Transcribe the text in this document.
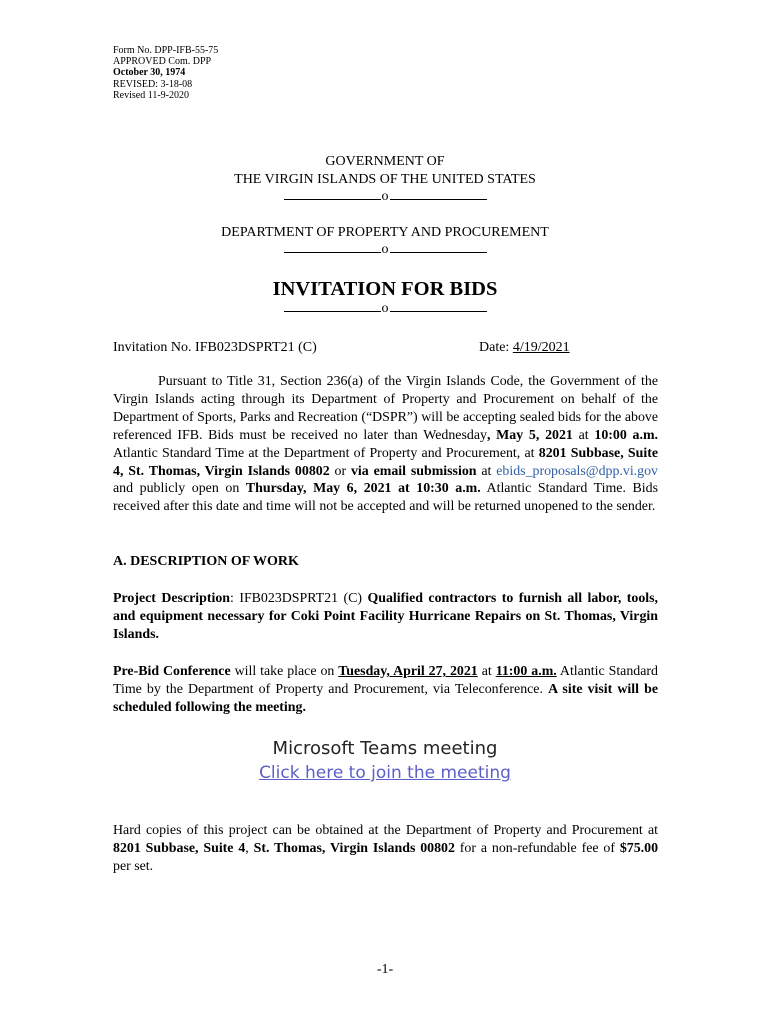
Form No. DPP-IFB-55-75
APPROVED Com. DPP
October 30, 1974
REVISED: 3-18-08
Revised 11-9-2020
GOVERNMENT OF
THE VIRGIN ISLANDS OF THE UNITED STATES
o
DEPARTMENT OF PROPERTY AND PROCUREMENT
o
INVITATION FOR BIDS
o
Invitation No. IFB023DSPRT21 (C)	Date: 4/19/2021
Pursuant to Title 31, Section 236(a) of the Virgin Islands Code, the Government of the Virgin Islands acting through its Department of Property and Procurement on behalf of the Department of Sports, Parks and Recreation (“DSPR”) will be accepting sealed bids for the above referenced IFB. Bids must be received no later than Wednesday, May 5, 2021 at 10:00 a.m. Atlantic Standard Time at the Department of Property and Procurement, at 8201 Subbase, Suite 4, St. Thomas, Virgin Islands 00802 or via email submission at ebids_proposals@dpp.vi.gov and publicly open on Thursday, May 6, 2021 at 10:30 a.m. Atlantic Standard Time. Bids received after this date and time will not be accepted and will be returned unopened to the sender.
A. DESCRIPTION OF WORK
Project Description: IFB023DSPRT21 (C) Qualified contractors to furnish all labor, tools, and equipment necessary for Coki Point Facility Hurricane Repairs on St. Thomas, Virgin Islands.
Pre-Bid Conference will take place on Tuesday, April 27, 2021 at 11:00 a.m. Atlantic Standard Time by the Department of Property and Procurement, via Teleconference. A site visit will be scheduled following the meeting.
Microsoft Teams meeting
Click here to join the meeting
Hard copies of this project can be obtained at the Department of Property and Procurement at 8201 Subbase, Suite 4, St. Thomas, Virgin Islands 00802 for a non-refundable fee of $75.00 per set.
-1-
